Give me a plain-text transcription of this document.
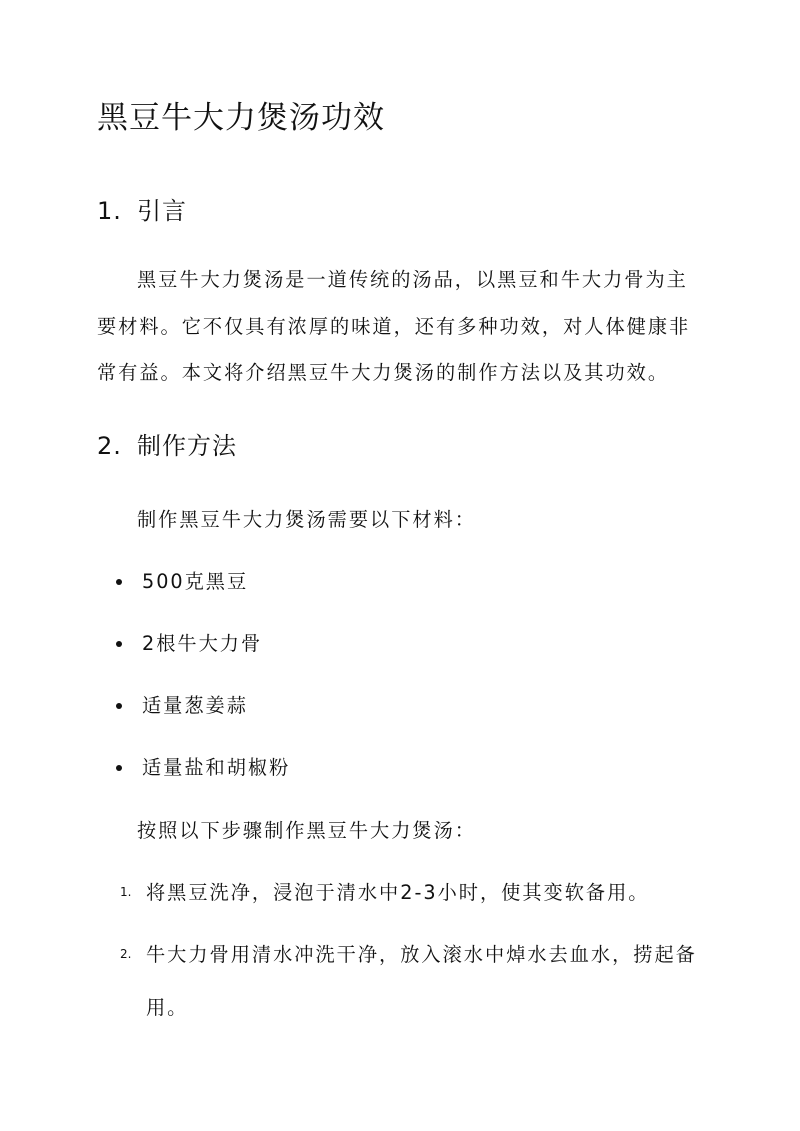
黑豆牛大力煲汤功效
1. 引言

黑豆牛大力煲汤是一道传统的汤品，以黑豆和牛大力骨为主要材料。它不仅具有浓厚的味道，还有多种功效，对人体健康非常有益。本文将介绍黑豆牛大力煲汤的制作方法以及其功效。

2. 制作方法

制作黑豆牛大力煲汤需要以下材料：

500克黑豆
2根牛大力骨
适量葱姜蒜
适量盐和胡椒粉

按照以下步骤制作黑豆牛大力煲汤：

1. 将黑豆洗净，浸泡于清水中2-3小时，使其变软备用。
2. 牛大力骨用清水冲洗干净，放入滚水中焯水去血水，捞起备用。
